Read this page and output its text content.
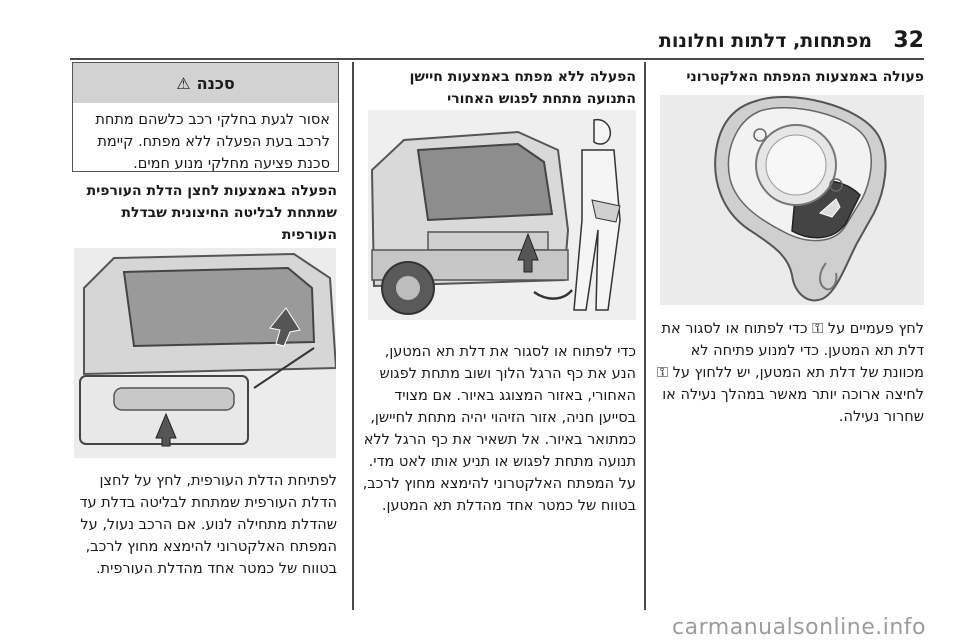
32
מפתחות, דלתות וחלונות
פעולה באמצעות המפתח האלקטרוני
לחץ פעמיים על ⚿ כדי לפתוח או לסגור את דלת תא המטען. כדי למנוע פתיחה לא מכוונת של דלת תא המטען, יש ללחוץ על ⚿ לחיצה ארוכה יותר מאשר במהלך נעילה או שחרור נעילה.
הפעלה ללא מפתח באמצעות חיישן התנועה מתחת לפגוש האחורי
כדי לפתוח או לסגור את דלת תא המטען, הנע את כף הרגל הלוך ושוב מתחת לפגוש האחורי, באזור המצוגג באיור. אם מצויד בסייען חניה, אזור הזיהוי יהיה מתחת לחיישן, כמתואר באיור. אל תשאיר את כף הרגל ללא תנועה מתחת לפגוש או תניע אותו לאט מדי. על המפתח האלקטרוני להימצא מחוץ לרכב, בטווח של כמטר אחד מהדלת תא המטען.
סכנה
⚠
אסור לגעת בחלקי רכב כלשהם מתחת לרכב בעת הפעלה ללא מפתח. קיימת סכנת פציעה מחלקי מנוע חמים.
הפעלה באמצעות לחצן הדלת העורפית שמתחת לבליטה החיצונית שבדלת העורפית
לפתיחת הדלת העורפית, לחץ על לחצן הדלת העורפית שמתחת לבליטה בדלת עד שהדלת מתחילה לנוע. אם הרכב נעול, על המפתח האלקטרוני להימצא מחוץ לרכב, בטווח של כמטר אחד מהדלת העורפית.
carmanualsonline.info
